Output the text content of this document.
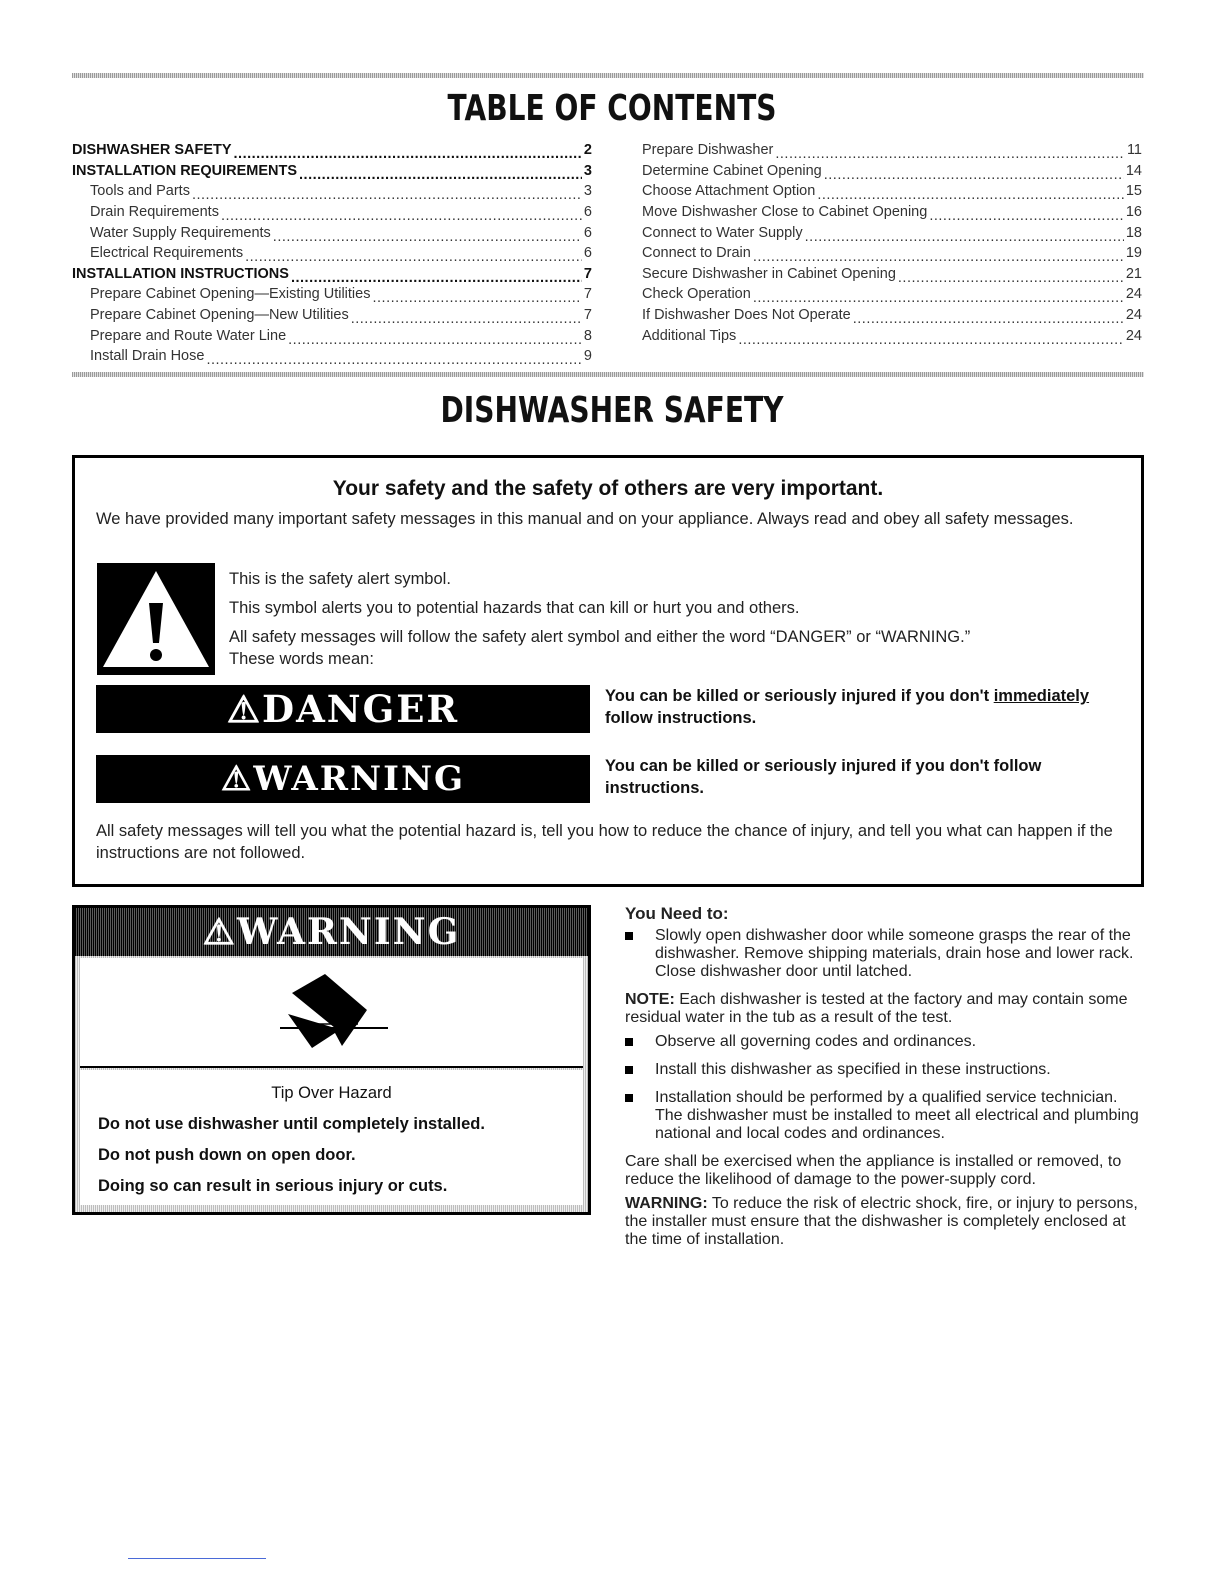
TABLE OF CONTENTS
DISHWASHER SAFETY .....	2
INSTALLATION REQUIREMENTS .....	3
Tools and Parts .....	3
Drain Requirements .....	6
Water Supply Requirements .....	6
Electrical Requirements .....	6
INSTALLATION INSTRUCTIONS .....	7
Prepare Cabinet Opening—Existing Utilities .....	7
Prepare Cabinet Opening—New Utilities .....	7
Prepare and Route Water Line .....	8
Install Drain Hose .....	9
Prepare Dishwasher .....	11
Determine Cabinet Opening .....	14
Choose Attachment Option .....	15
Move Dishwasher Close to Cabinet Opening .....	16
Connect to Water Supply .....	18
Connect to Drain .....	19
Secure Dishwasher in Cabinet Opening .....	21
Check Operation .....	24
If Dishwasher Does Not Operate .....	24
Additional Tips .....	24
DISHWASHER SAFETY
Your safety and the safety of others are very important.
We have provided many important safety messages in this manual and on your appliance. Always read and obey all safety messages.
This is the safety alert symbol.
This symbol alerts you to potential hazards that can kill or hurt you and others.
All safety messages will follow the safety alert symbol and either the word “DANGER” or “WARNING.”
These words mean:
⚠DANGER	You can be killed or seriously injured if you don't immediately
follow instructions.
⚠WARNING	You can be killed or seriously injured if you don't follow instructions.
All safety messages will tell you what the potential hazard is, tell you how to reduce the chance of injury, and tell you what can happen if the instructions are not followed.
⚠WARNING
Tip Over Hazard
Do not use dishwasher until completely installed.
Do not push down on open door.
Doing so can result in serious injury or cuts.
You Need to:
Slowly open dishwasher door while someone grasps the rear of the dishwasher. Remove shipping materials, drain hose and lower rack. Close dishwasher door until latched.
NOTE: Each dishwasher is tested at the factory and may contain some residual water in the tub as a result of the test.
Observe all governing codes and ordinances.
Install this dishwasher as specified in these instructions.
Installation should be performed by a qualified service technician. The dishwasher must be installed to meet all electrical and plumbing national and local codes and ordinances.
Care shall be exercised when the appliance is installed or removed, to reduce the likelihood of damage to the power-supply cord.
WARNING: To reduce the risk of electric shock, fire, or injury to persons, the installer must ensure that the dishwasher is completely enclosed at the time of installation.
